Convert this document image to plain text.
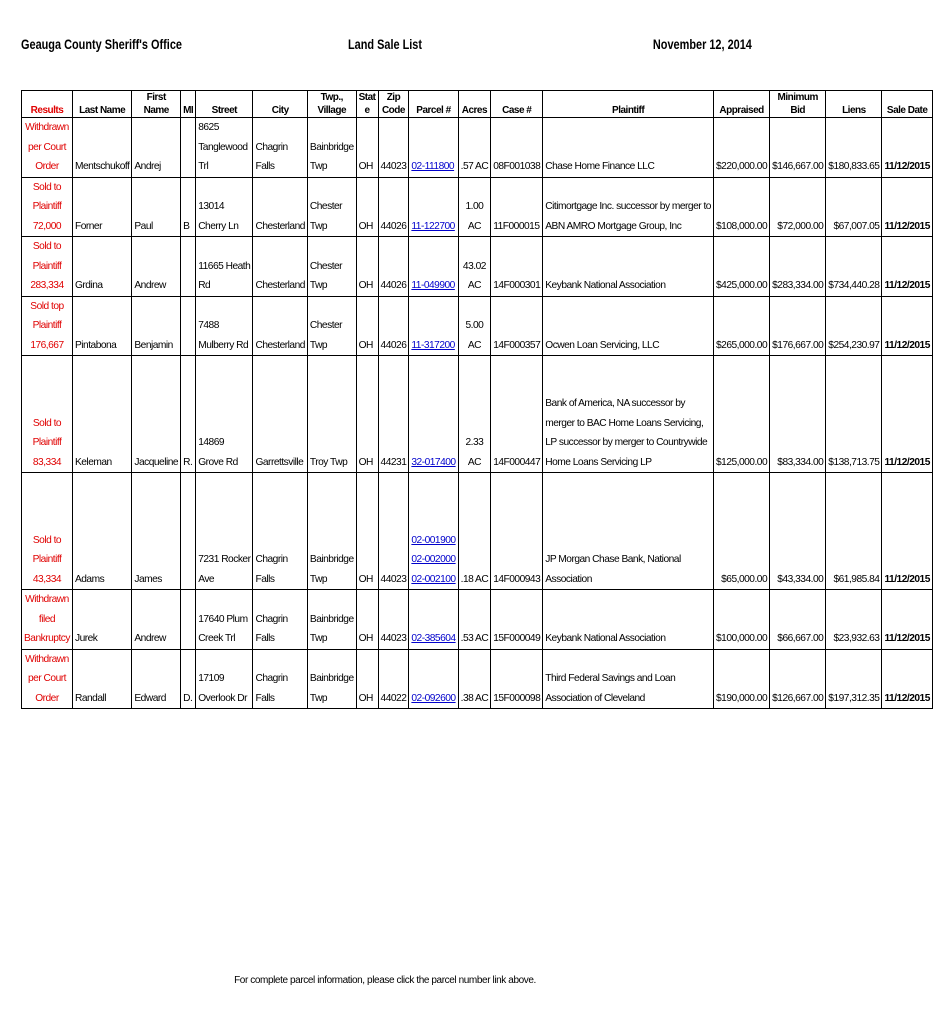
Geauga County Sheriff's Office	Land Sale List	November 12, 2014
Results	Last Name	First
Name	MI	Street	City	Twp.,
Village	Stat
e	Zip
Code	Parcel #	Acres	Case #	Plaintiff	Appraised	Minimum
Bid	Liens	Sale Date

Withdrawn
per Court
Order	Mentschukoff	Andrej		8625
Tanglewood
Trl	Chagrin
Falls	Bainbridge
Twp	OH	44023	02-111800	.57 AC	08F001038	Chase Home Finance LLC	$220,000.00	$146,667.00	$180,833.65	11/12/2015

Sold to
Plaintiff
72,000	Forner	Paul	B	13014
Cherry Ln	Chesterland	Chester
Twp	OH	44026	11-122700	1.00
AC	11F000015	Citimortgage Inc. successor by merger to
ABN AMRO Mortgage Group, Inc	$108,000.00	$72,000.00	$67,007.05	11/12/2015

Sold to
Plaintiff
283,334	Grdina	Andrew		11665 Heath
Rd	Chesterland	Chester
Twp	OH	44026	11-049900	43.02
AC	14F000301	Keybank National Association	$425,000.00	$283,334.00	$734,440.28	11/12/2015

Sold top
Plaintiff
176,667	Pintabona	Benjamin		7488
Mulberry Rd	Chesterland	Chester
Twp	OH	44026	11-317200	5.00
AC	14F000357	Ocwen Loan Servicing, LLC	$265,000.00	$176,667.00	$254,230.97	11/12/2015

Sold to
Plaintiff
83,334	Keleman	Jacqueline	R.	14869
Grove Rd	Garrettsville	Troy Twp	OH	44231	32-017400	2.33
AC	14F000447	Bank of America, NA successor by
merger to BAC Home Loans Servicing,
LP successor by merger to Countrywide
Home Loans Servicing LP	$125,000.00	$83,334.00	$138,713.75	11/12/2015

Sold to
Plaintiff
43,334	Adams	James		7231 Rocker
Ave	Chagrin
Falls	Bainbridge
Twp	OH	44023	02-001900
02-002000
02-002100	.18 AC	14F000943	JP Morgan Chase Bank, National
Association	$65,000.00	$43,334.00	$61,985.84	11/12/2015

Withdrawn
filed
Bankruptcy	Jurek	Andrew		17640 Plum
Creek Trl	Chagrin
Falls	Bainbridge
Twp	OH	44023	02-385604	.53 AC	15F000049	Keybank National Association	$100,000.00	$66,667.00	$23,932.63	11/12/2015

Withdrawn
per Court
Order	Randall	Edward	D.	17109
Overlook Dr	Chagrin
Falls	Bainbridge
Twp	OH	44022	02-092600	.38 AC	15F000098	Third Federal Savings and Loan
Association of Cleveland	$190,000.00	$126,667.00	$197,312.35	11/12/2015
For complete parcel information, please click the parcel number link above.
